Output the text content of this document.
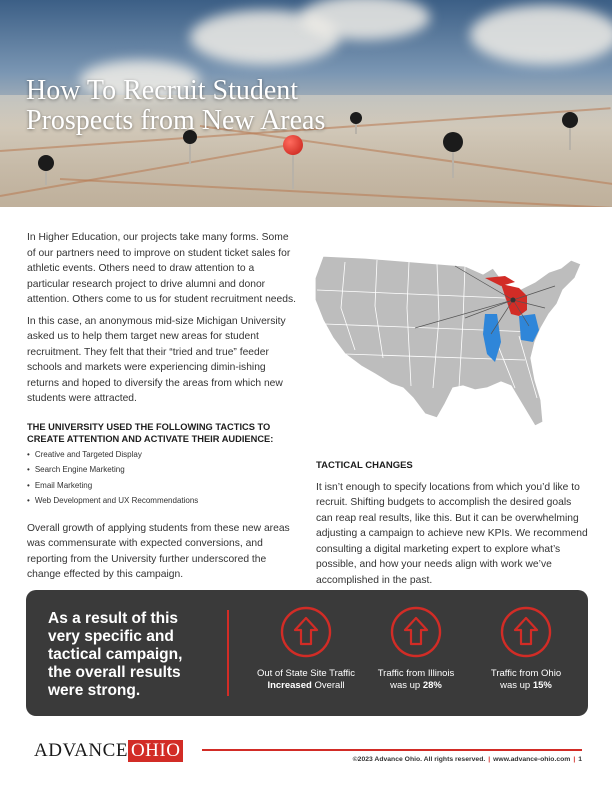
How To Recruit Student
Prospects from New Areas

In Higher Education, our projects take many forms. Some of our partners need to improve on student ticket sales for athletic events. Others need to draw attention to a particular research project to drive alumni and donor attention. Others come to us for student recruitment needs.

In this case, an anonymous mid-size Michigan University asked us to help them target new areas for student recruitment. They felt that their “tried and true” feeder schools and markets were experiencing dimin-ishing returns and hoped to diversify the areas from which new students were attracted.

THE UNIVERSITY USED THE FOLLOWING TACTICS TO CREATE ATTENTION AND ACTIVATE THEIR AUDIENCE:
• Creative and Targeted Display
• Search Engine Marketing
• Email Marketing
• Web Development and UX Recommendations

Overall growth of applying students from these new areas was commensurate with expected conversions, and reporting from the University further underscored the change effected by this campaign.

TACTICAL CHANGES

It isn’t enough to specify locations from which you’d like to recruit. Shifting budgets to accomplish the desired goals can reap real results, like this. But it can be overwhelming adjusting a campaign to achieve new KPIs. We recommend consulting a digital marketing expert to explore what’s possible, and how your needs align with work we’ve accomplished in the past.

As a result of this very specific and tactical campaign, the overall results were strong.

Out of State Site Traffic
Increased Overall
Traffic from Illinois
was up 28%
Traffic from Ohio
was up 15%
ADVANCE OHIO	©2023 Advance Ohio. All rights reserved. | www.advance-ohio.com | 1
